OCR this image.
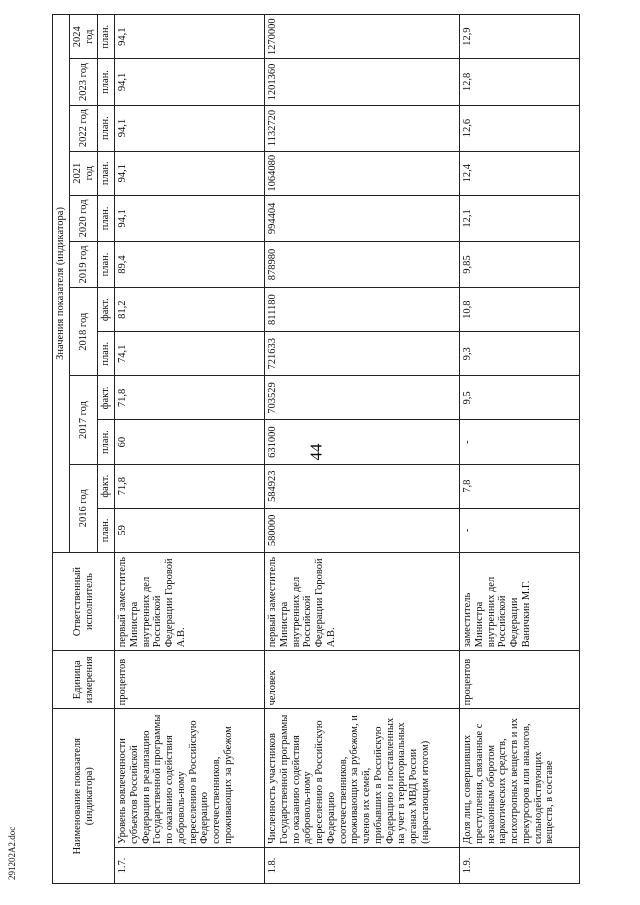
44
291202A2.doc	Наименование показателя (индикатора)		Единица измерения	Ответственный исполнитель	Значения показателя (индикатора)											
				2016 год		2017 год		2018 год		2019 год	2020 год	2021 год	2022 год	2023 год	2024 год
				план.	факт.	план.	факт.	план.	факт.	план.	план.	план.	план.	план.	план.
1.7.	Уровень вовлеченности субъектов Российской Федерации в реализацию Государственной программы по оказанию содействия доброволь-ному переселению в Российскую Федерацию соотечественников, проживающих за рубежом	процентов	первый заместитель Министра внутренних дел Российской Федерации Горовой А.В.	59	71,8	60	71,8	74,1	81,2	89,4	94,1	94,1	94,1	94,1	94,1
1.8.	Численность участников Государственной программы по оказанию содействия доброволь-ному переселению в Российскую Федерацию соотечественников, проживающих за рубежом, и членов их семей, прибывших в Российскую Федерацию и поставленных на учет в территориальных органах МВД России (нарастающим итогом)	человек	первый заместитель Министра внутренних дел Российской Федерации Горовой А.В.	580000	584923	631000	703529	721633	811180	878980	994404	1064080	1132720	1201360	1270000
1.9.	Доля лиц, совершивших преступления, связанные с незаконным оборотом наркотических средств, психотропных веществ и их прекурсоров или аналогов, сильнодействующих веществ, в составе	процентов	заместитель Министра внутренних дел Российской Федерации Ваничкин М.Г.	-	7,8	-	9,5	9,3	10,8	9,85	12,1	12,4	12,6	12,8	12,9
